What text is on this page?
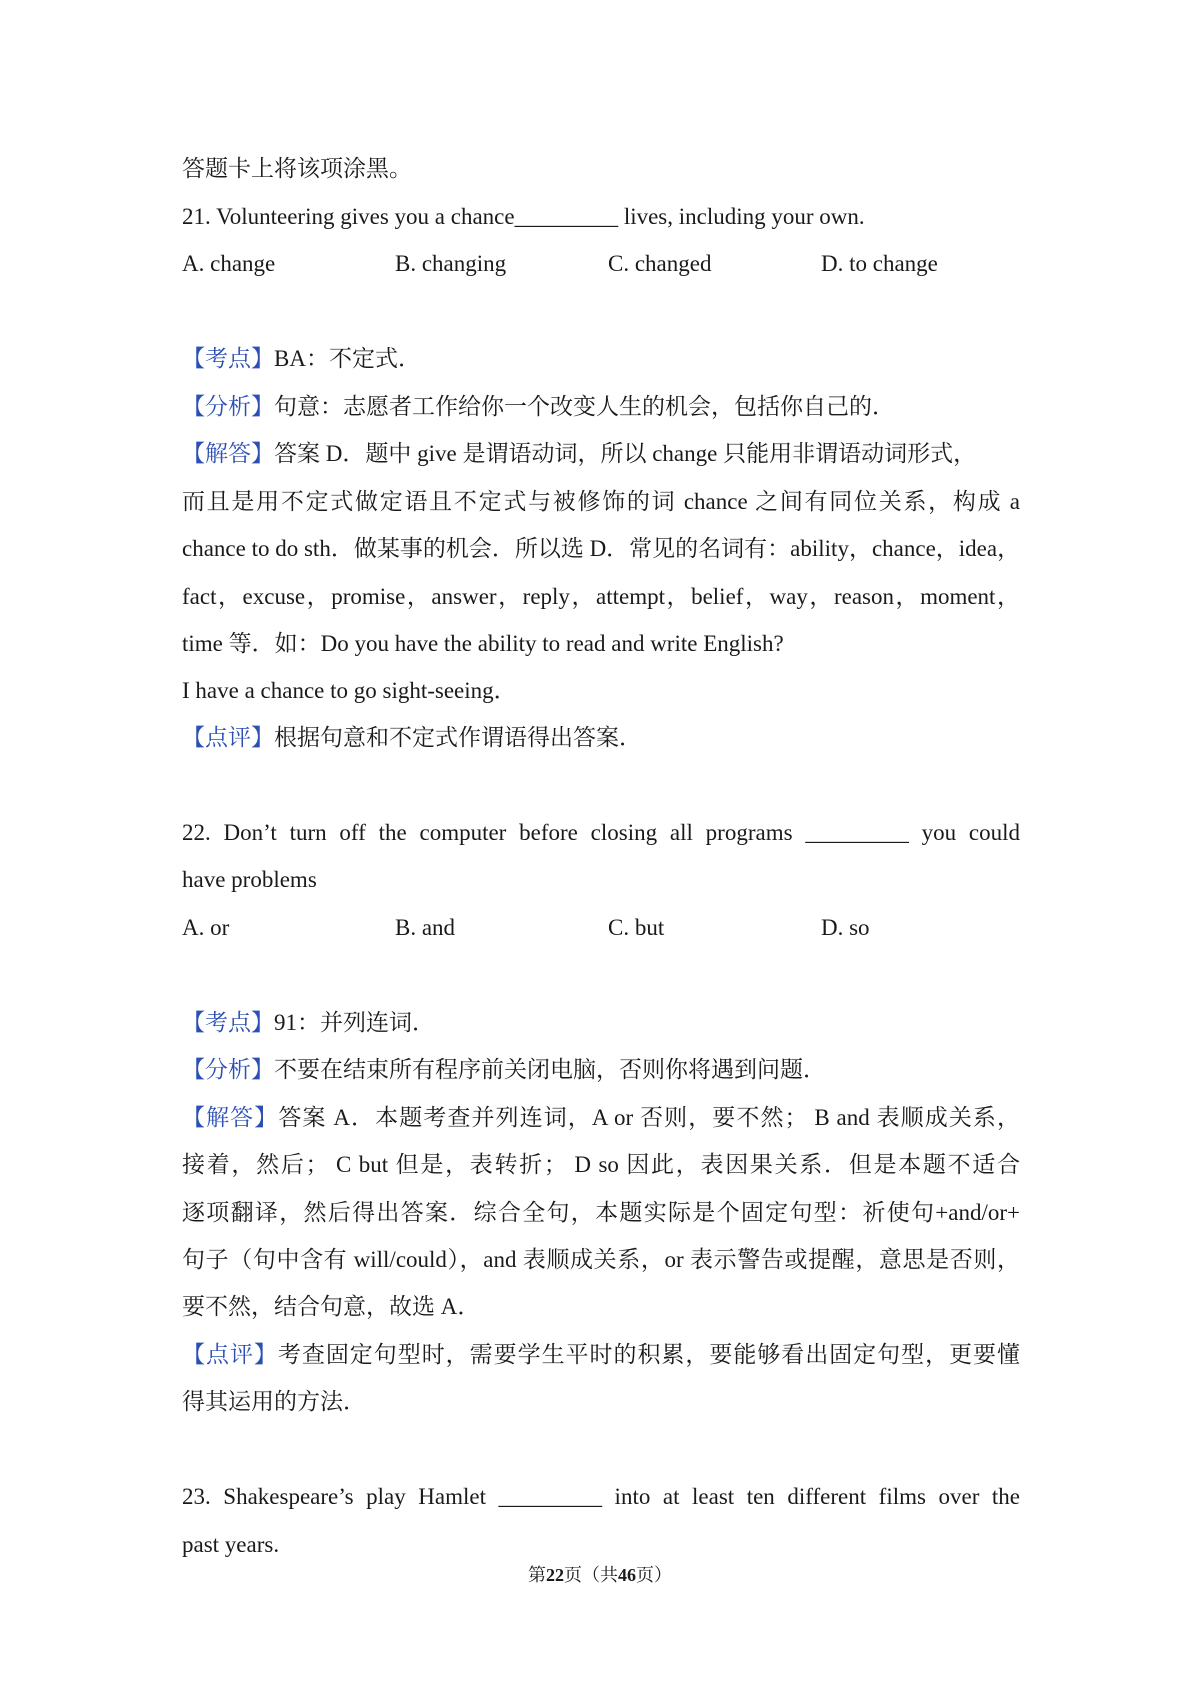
答题卡上将该项涂黑。
21. Volunteering gives you a chance_________ lives, including your own.
A. change	B. changing	C. changed	D. to change
【考点】BA：不定式．
【分析】句意：志愿者工作给你一个改变人生的机会，包括你自己的．
【解答】答案 D．题中 give 是谓语动词，所以 change 只能用非谓语动词形式，
而且是用不定式做定语且不定式与被修饰的词 chance 之间有同位关系，构成 a
chance to do sth．做某事的机会．所以选 D．常见的名词有：ability，chance，idea，
fact，excuse，promise，answer，reply，attempt，belief，way，reason，moment，
time 等．如：Do you have the ability to read and write English?
I have a chance to go sight-seeing．
【点评】根据句意和不定式作谓语得出答案．
22. Don’t turn off the computer before closing all programs _________ you could
have problems
A. or	B. and	C. but	D. so
【考点】91：并列连词．
【分析】不要在结束所有程序前关闭电脑，否则你将遇到问题．
【解答】答案 A．本题考查并列连词，A or 否则，要不然； B and 表顺成关系，
接着，然后； C but 但是，表转折； D so 因此，表因果关系．但是本题不适合
逐项翻译，然后得出答案．综合全句，本题实际是个固定句型：祈使句+and/or+
句子（句中含有 will/could），and 表顺成关系，or 表示警告或提醒，意思是否则，
要不然，结合句意，故选 A．
【点评】考查固定句型时，需要学生平时的积累，要能够看出固定句型，更要懂
得其运用的方法．
23. Shakespeare’s play Hamlet _________ into at least ten different films over the
past years.
第22页（共46页）
